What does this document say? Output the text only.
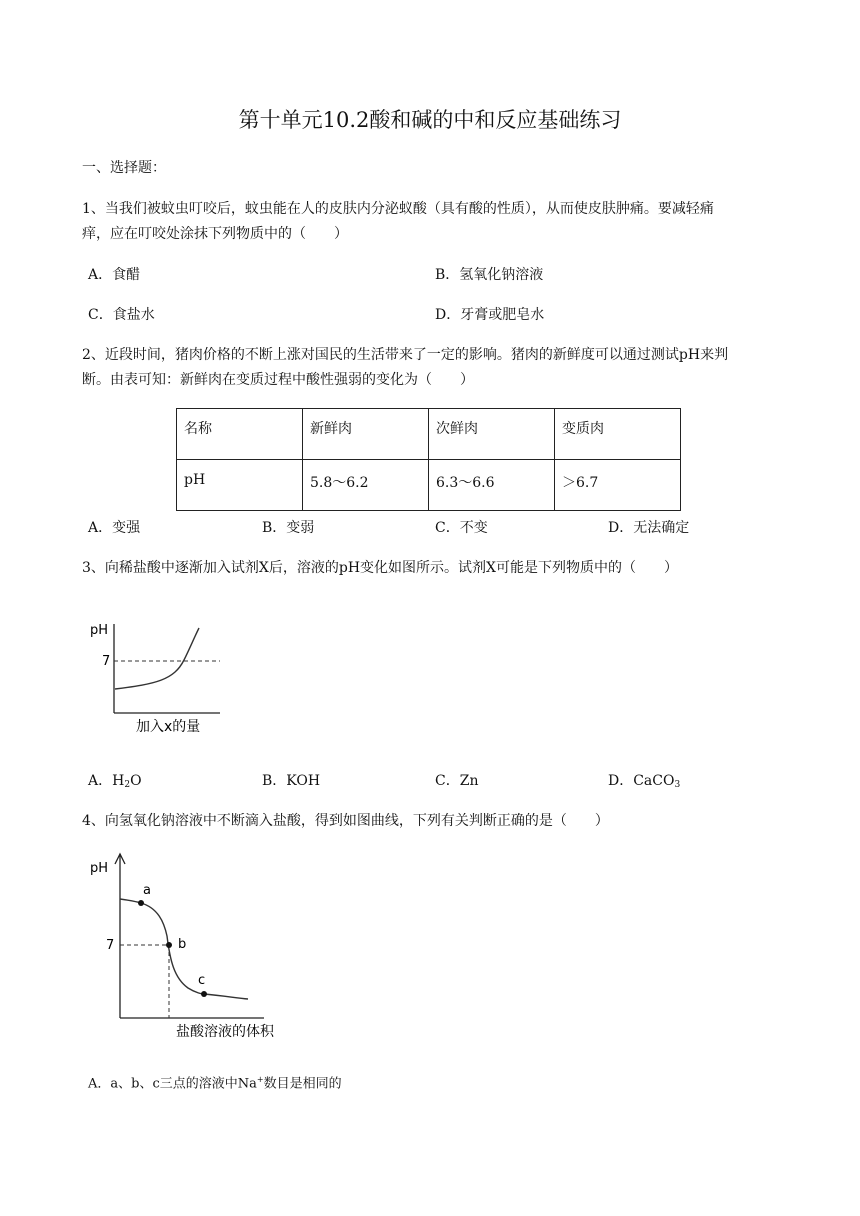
第十单元10.2酸和碱的中和反应基础练习
一、选择题：
1、当我们被蚊虫叮咬后，蚊虫能在人的皮肤内分泌蚁酸（具有酸的性质），从而使皮肤肿痛。要减轻痛
痒，应在叮咬处涂抹下列物质中的（　　）
A．食醋	B．氢氧化钠溶液
C．食盐水	D．牙膏或肥皂水
2、近段时间，猪肉价格的不断上涨对国民的生活带来了一定的影响。猪肉的新鲜度可以通过测试pH来判
断。由表可知：新鲜肉在变质过程中酸性强弱的变化为（　　）
名称	新鲜肉	次鲜肉	变质肉

pH	5.8～6.2	6.3～6.6	＞6.7
A．变强	B．变弱	C．不变	D．无法确定
3、向稀盐酸中逐渐加入试剂X后，溶液的pH变化如图所示。试剂X可能是下列物质中的（　　）
pH
7
加入x的量
A．$H_2O$	B．KOH	C．Zn	D．CaCO$_3$
4、向氢氧化钠溶液中不断滴入盐酸，得到如图曲线，下列有关判断正确的是（　　）
pH
7
a
b
c
盐酸溶液的体积
A．a、b、c三点的溶液中Na+数目是相同的
